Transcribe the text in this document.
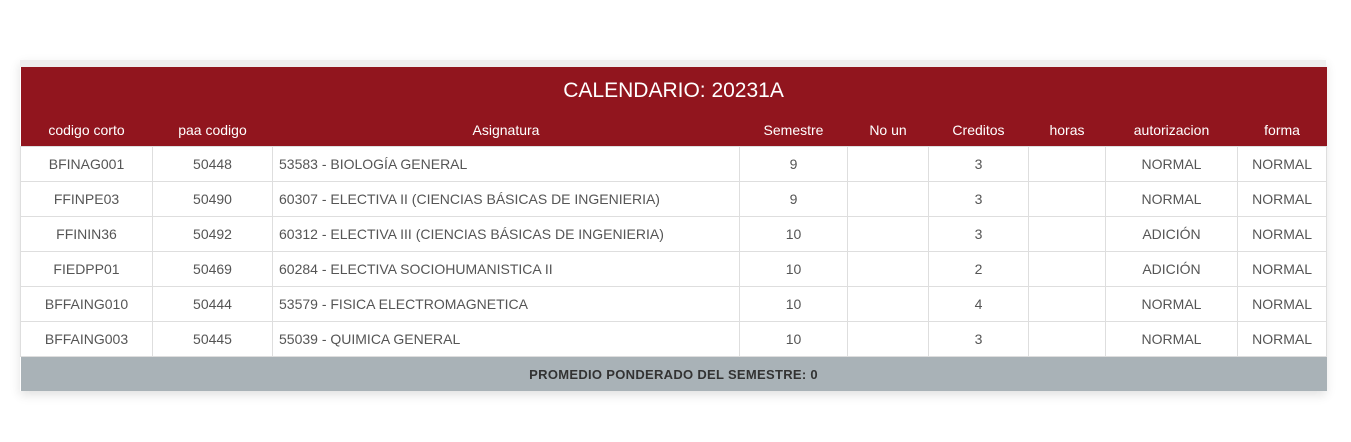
CALENDARIO: 20231A								
codigo corto	paa codigo	Asignatura	Semestre	No un	Creditos	horas	autorizacion	forma
BFINAG001	50448	53583 - BIOLOGÍA GENERAL	9		3		NORMAL	NORMAL
FFINPE03	50490	60307 - ELECTIVA II (CIENCIAS BÁSICAS DE INGENIERIA)	9		3		NORMAL	NORMAL
FFININ36	50492	60312 - ELECTIVA III (CIENCIAS BÁSICAS DE INGENIERIA)	10		3		ADICIÓN	NORMAL
FIEDPP01	50469	60284 - ELECTIVA SOCIOHUMANISTICA II	10		2		ADICIÓN	NORMAL
BFFAING010	50444	53579 - FISICA ELECTROMAGNETICA	10		4		NORMAL	NORMAL
BFFAING003	50445	55039 - QUIMICA GENERAL	10		3		NORMAL	NORMAL
PROMEDIO PONDERADO DEL SEMESTRE: 0								
